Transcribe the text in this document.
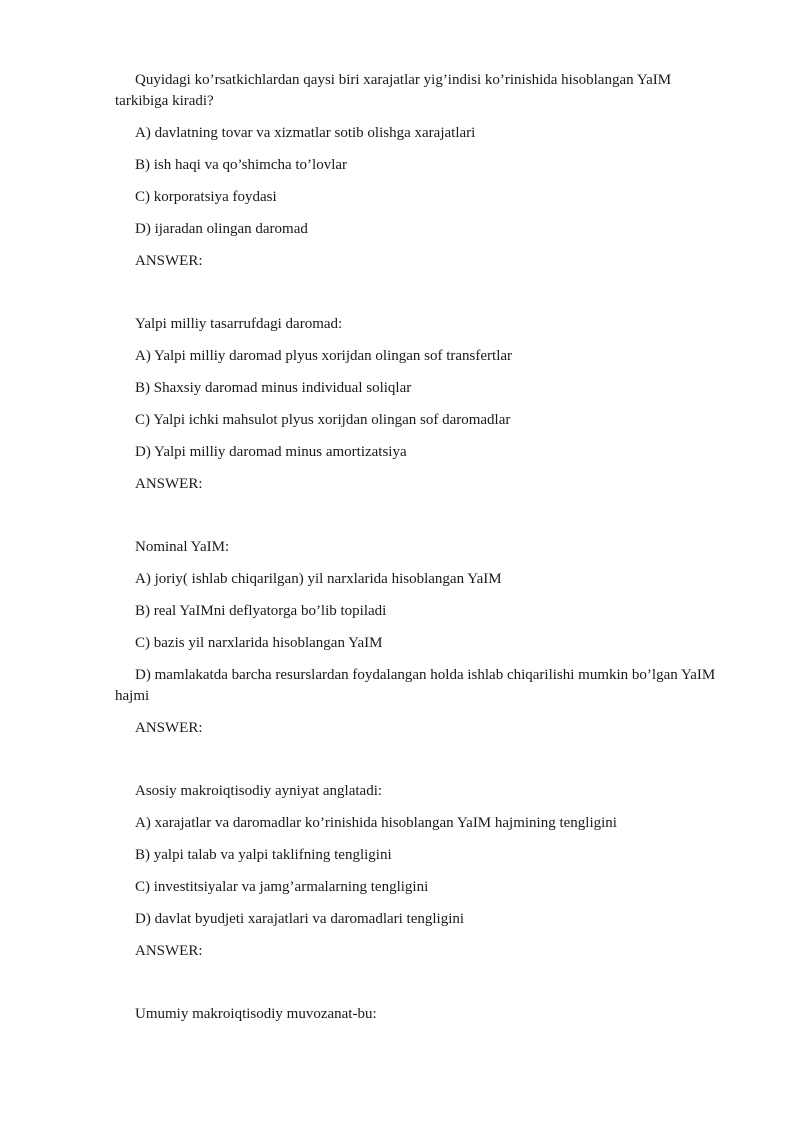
Quyidagi ko’rsatkichlardan qaysi biri xarajatlar yig’indisi ko’rinishida hisoblangan YaIM tarkibiga kiradi?

A) davlatning tovar va xizmatlar sotib olishga xarajatlari

B) ish haqi va qo’shimcha to’lovlar

C) korporatsiya foydasi

D) ijaradan olingan daromad

ANSWER:

Yalpi milliy tasarrufdagi daromad:

A) Yalpi milliy daromad plyus xorijdan olingan sof transfertlar

B) Shaxsiy daromad minus individual soliqlar

C) Yalpi ichki mahsulot plyus xorijdan olingan sof daromadlar

D) Yalpi milliy daromad minus amortizatsiya

ANSWER:

Nominal YaIM:

A) joriy( ishlab chiqarilgan) yil narxlarida hisoblangan YaIM

B) real YaIMni deflyatorga bo’lib topiladi

C) bazis yil narxlarida hisoblangan YaIM

D) mamlakatda barcha resurslardan foydalangan holda ishlab chiqarilishi mumkin bo’lgan YaIM hajmi

ANSWER:

Asosiy makroiqtisodiy ayniyat anglatadi:

A) xarajatlar va daromadlar ko’rinishida hisoblangan YaIM hajmining tengligini

B) yalpi talab va yalpi taklifning tengligini

C) investitsiyalar va jamg’armalarning tengligini

D) davlat byudjeti xarajatlari va daromadlari tengligini

ANSWER:

Umumiy makroiqtisodiy muvozanat-bu:
